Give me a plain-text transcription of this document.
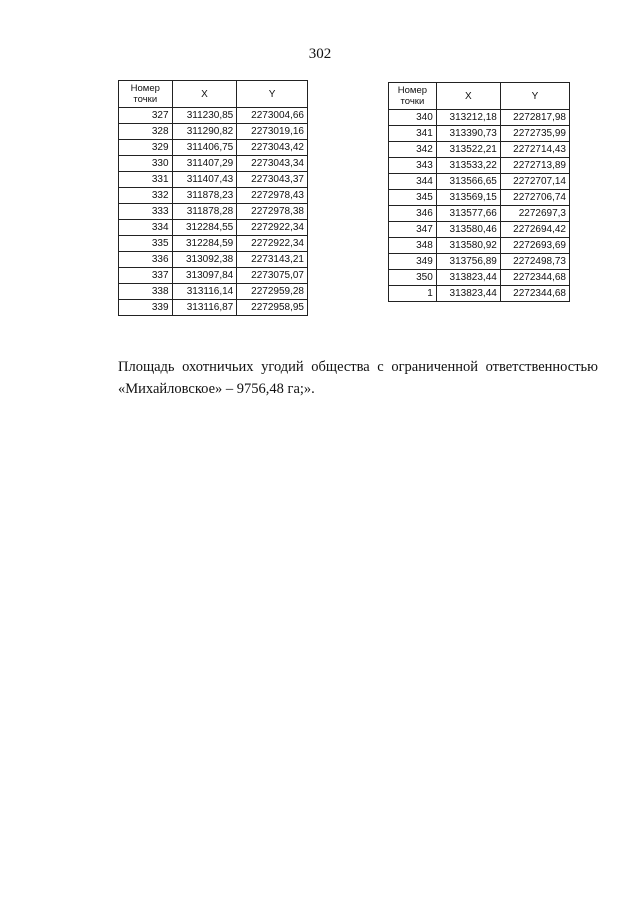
302
Номер точки	X	Y
327	311230,85	2273004,66
328	311290,82	2273019,16
329	311406,75	2273043,42
330	311407,29	2273043,34
331	311407,43	2273043,37
332	311878,23	2272978,43
333	311878,28	2272978,38
334	312284,55	2272922,34
335	312284,59	2272922,34
336	313092,38	2273143,21
337	313097,84	2273075,07
338	313116,14	2272959,28
339	313116,87	2272958,95
Номер точки	X	Y
340	313212,18	2272817,98
341	313390,73	2272735,99
342	313522,21	2272714,43
343	313533,22	2272713,89
344	313566,65	2272707,14
345	313569,15	2272706,74
346	313577,66	2272697,3
347	313580,46	2272694,42
348	313580,92	2272693,69
349	313756,89	2272498,73
350	313823,44	2272344,68
1	313823,44	2272344,68
Площадь охотничьих угодий общества с ограниченной ответственностью «Михайловское» – 9756,48 га;».
